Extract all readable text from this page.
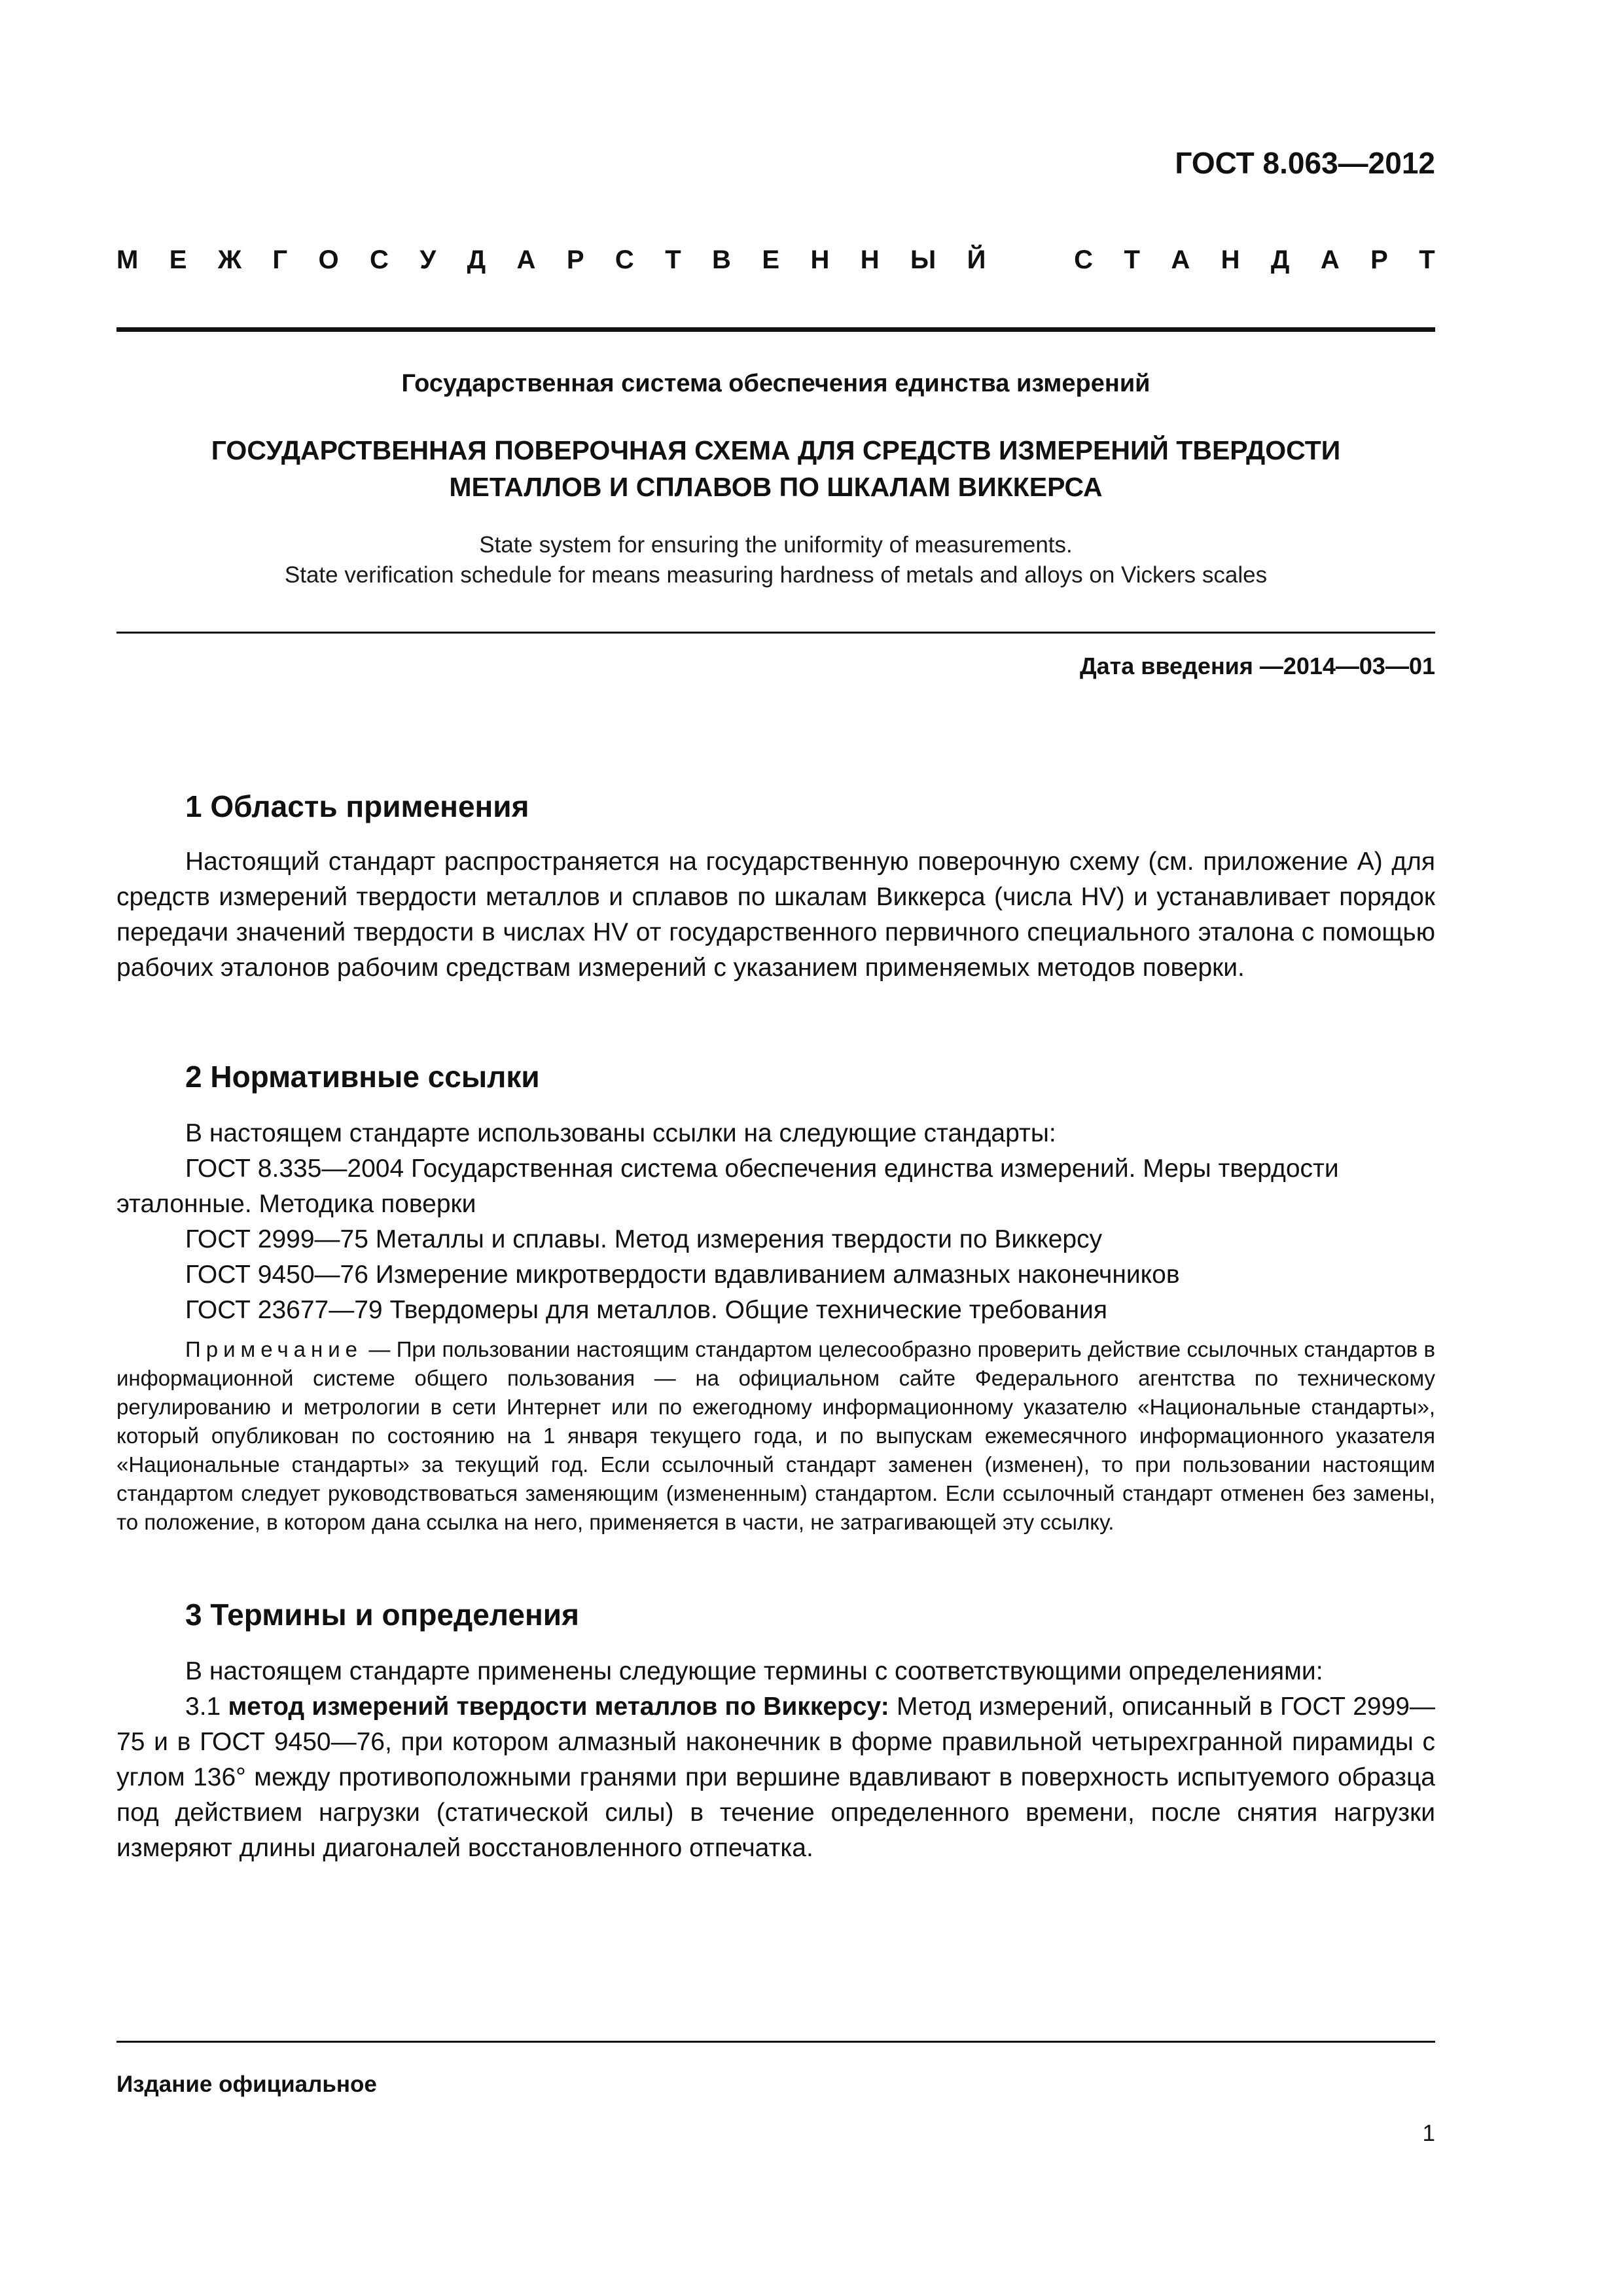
ГОСТ 8.063—2012
М Е Ж Г О С У Д А Р С Т В Е Н Н Ы Й	С Т А Н Д А Р Т
Государственная система обеспечения единства измерений
ГОСУДАРСТВЕННАЯ ПОВЕРОЧНАЯ СХЕМА ДЛЯ СРЕДСТВ ИЗМЕРЕНИЙ ТВЕРДОСТИ
МЕТАЛЛОВ И СПЛАВОВ ПО ШКАЛАМ ВИККЕРСА
State system for ensuring the uniformity of measurements.
State verification schedule for means measuring hardness of metals and alloys on Vickers scales
Дата введения —2014—03—01
1 Область применения

Настоящий стандарт распространяется на государственную поверочную схему (см. приложение А) для средств измерений твердости металлов и сплавов по шкалам Виккерса (числа HV) и устанавливает порядок передачи значений твердости в числах HV от государственного первичного специального эталона с помощью рабочих эталонов рабочим средствам измерений с указанием применяемых методов поверки.

2 Нормативные ссылки
В настоящем стандарте использованы ссылки на следующие стандарты:
ГОСТ 8.335—2004 Государственная система обеспечения единства измерений. Меры твердости
эталонные. Методика поверки
ГОСТ 2999—75 Металлы и сплавы. Метод измерения твердости по Виккерсу
ГОСТ 9450—76 Измерение микротвердости вдавливанием алмазных наконечников
ГОСТ 23677—79 Твердомеры для металлов. Общие технические требования
Примечание — При пользовании настоящим стандартом целесообразно проверить действие ссылочных стандартов в информационной системе общего пользования — на официальном сайте Федерального агентства по техническому регулированию и метрологии в сети Интернет или по ежегодному информационному указателю «Национальные стандарты», который опубликован по состоянию на 1 января текущего года, и по выпускам ежемесячного информационного указателя «Национальные стандарты» за текущий год. Если ссылочный стандарт заменен (изменен), то при пользовании настоящим стандартом следует руководствоваться заменяющим (измененным) стандартом. Если ссылочный стандарт отменен без замены, то положение, в котором дана ссылка на него, применяется в части, не затрагивающей эту ссылку.
3 Термины и определения

В настоящем стандарте применены следующие термины с соответствующими определениями:

3.1 метод измерений твердости металлов по Виккерсу: Метод измерений, описанный в ГОСТ 2999—75 и в ГОСТ 9450—76, при котором алмазный наконечник в форме правильной четырехгранной пирамиды с углом 136° между противоположными гранями при вершине вдавливают в поверхность испытуемого образца под действием нагрузки (статической силы) в течение определенного времени, после снятия нагрузки измеряют длины диагоналей восстановленного отпечатка.

Издание официальное
1
